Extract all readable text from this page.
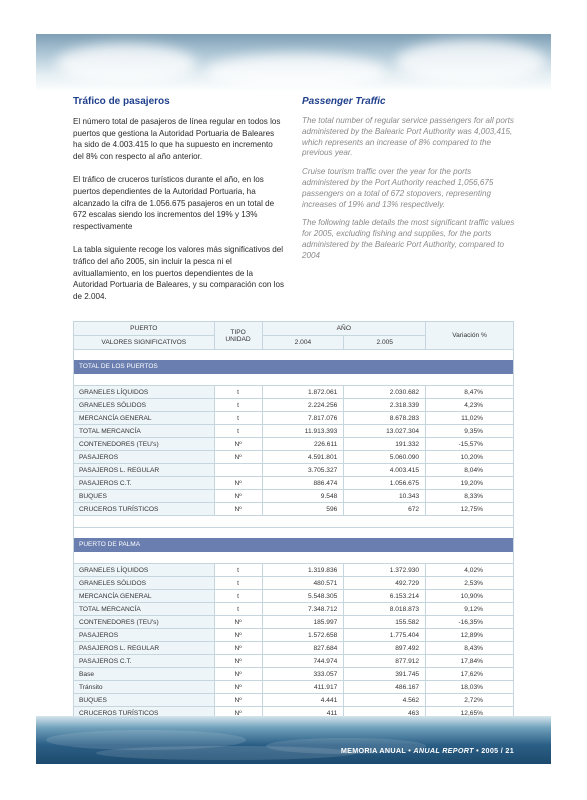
Tráfico de pasajeros

El número total de pasajeros de línea regular en todos los puertos que gestiona la Autoridad Portuaria de Baleares ha sido de 4.003.415 lo que ha supuesto en incremento del 8% con respecto al año anterior.

El tráfico de cruceros turísticos durante el año, en los puertos dependientes de la Autoridad Portuaria, ha alcanzado la cifra de 1.056.675 pasajeros en un total de 672 escalas siendo los incrementos del 19% y 13% respectivamente

La tabla siguiente recoge los valores más significativos del tráfico del año 2005, sin incluir la pesca ni el avituallamiento, en los puertos dependientes de la Autoridad Portuaria de Baleares, y su comparación con los de 2.004.

Passenger Traffic

The total number of regular service passengers for all ports administered by the Balearic Port Authority was 4,003,415, which represents an increase of 8% compared to the previous year.

Cruise tourism traffic over the year for the ports administered by the Port Authority reached 1,056,675 passengers on a total of 672 stopovers, representing increases of 19% and 13% respectively.

The following table details the most significant traffic values for 2005, excluding fishing and supplies, for the ports administered by the Balearic Port Authority, compared to 2004

PUERTO	TIPO UNIDAD	AÑO		Variación %
VALORES SIGNIFICATIVOS		2.004	2.005	

TOTAL DE LOS PUERTOS				

GRANELES LÍQUIDOS	t	1.872.061	2.030.682	8,47%
GRANELES SÓLIDOS	t	2.224.256	2.318.339	4,23%
MERCANCÍA GENERAL	t	7.817.076	8.678.283	11,02%
TOTAL MERCANCÍA	t	11.913.393	13.027.304	9,35%
CONTENEDORES (TEU's)	Nº	226.611	191.332	-15,57%
PASAJEROS	Nº	4.591.801	5.060.090	10,20%
PASAJEROS L. REGULAR		3.705.327	4.003.415	8,04%
PASAJEROS C.T.	Nº	886.474	1.056.675	19,20%
BUQUES	Nº	9.548	10.343	8,33%
CRUCEROS TURÍSTICOS	Nº	596	672	12,75%

PUERTO DE PALMA				

GRANELES LÍQUIDOS	t	1.319.836	1.372.930	4,02%
GRANELES SÓLIDOS	t	480.571	492.729	2,53%
MERCANCÍA GENERAL	t	5.548.305	6.153.214	10,90%
TOTAL MERCANCÍA	t	7.348.712	8.018.873	9,12%
CONTENEDORES (TEU's)	Nº	185.997	155.582	-16,35%
PASAJEROS	Nº	1.572.658	1.775.404	12,89%
PASAJEROS L. REGULAR	Nº	827.684	897.492	8,43%
PASAJEROS C.T.	Nº	744.974	877.912	17,84%
Base	Nº	333.057	391.745	17,62%
Tránsito	Nº	411.917	486.167	18,03%
BUQUES	Nº	4.441	4.562	2,72%
CRUCEROS TURÍSTICOS	Nº	411	463	12,65%
MEMORIA ANUAL • ANUAL REPORT • 2005 / 21
